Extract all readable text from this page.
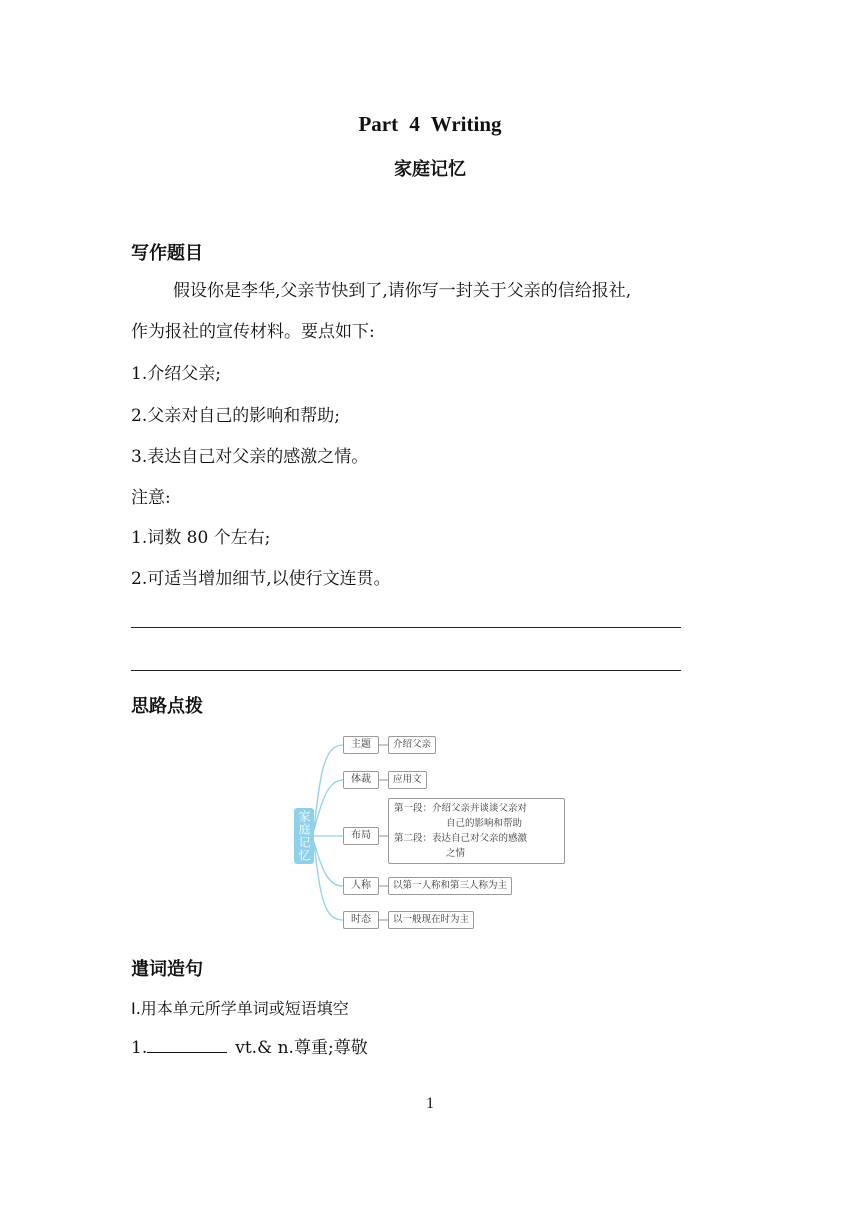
Part 4 Writing
家庭记忆
写作题目
假设你是李华,父亲节快到了,请你写一封关于父亲的信给报社,
作为报社的宣传材料。要点如下:
1.介绍父亲;
2.父亲对自己的影响和帮助;
3.表达自己对父亲的感激之情。
注意:
1.词数 80 个左右;
2.可适当增加细节,以使行文连贯。
思路点拨
家庭记忆
主题	介绍父亲
体裁	应用文
布局
第一段：介绍父亲并谈谈父亲对
自己的影响和帮助
第二段：表达自己对父亲的感激
之情
人称	以第一人称和第三人称为主
时态	以一般现在时为主
遣词造句
Ⅰ.用本单元所学单词或短语填空
1.	vt.& n.尊重;尊敬
1
